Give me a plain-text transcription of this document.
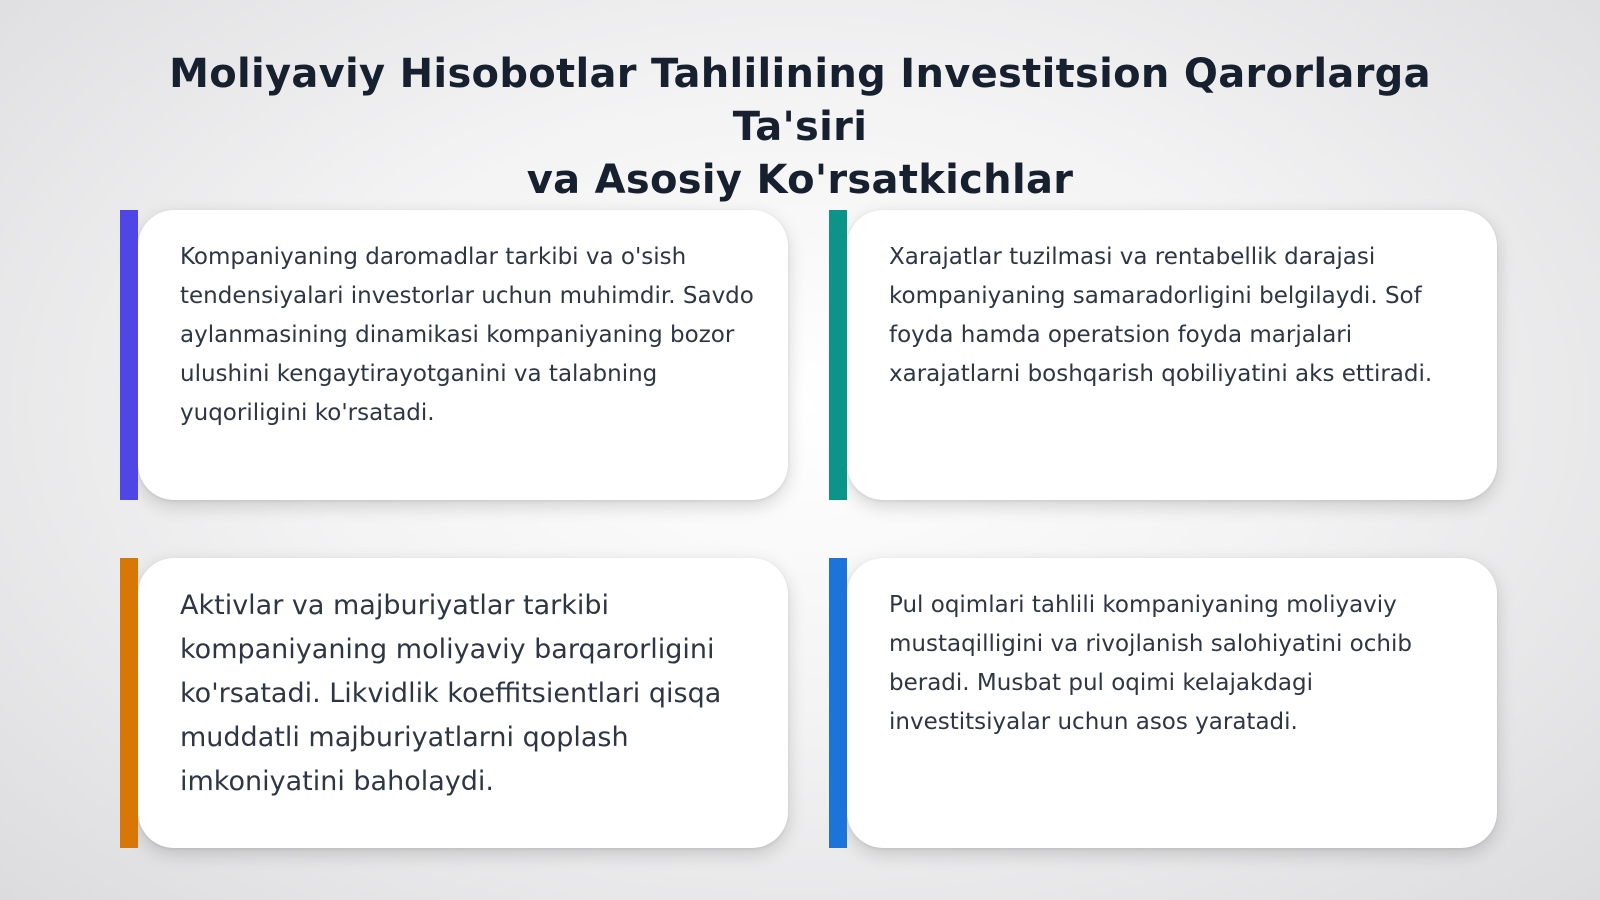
Moliyaviy Hisobotlar Tahlilining Investitsion Qarorlarga Ta'siri
va Asosiy Ko'rsatkichlar

Kompaniyaning daromadlar tarkibi va o'sish tendensiyalari investorlar uchun muhimdir. Savdo aylanmasining dinamikasi kompaniyaning bozor ulushini kengaytirayotganini va talabning yuqoriligini ko'rsatadi.

Xarajatlar tuzilmasi va rentabellik darajasi kompaniyaning samaradorligini belgilaydi. Sof foyda hamda operatsion foyda marjalari xarajatlarni boshqarish qobiliyatini aks ettiradi.

Aktivlar va majburiyatlar tarkibi kompaniyaning moliyaviy barqarorligini ko'rsatadi. Likvidlik koeffitsientlari qisqa muddatli majburiyatlarni qoplash imkoniyatini baholaydi.

Pul oqimlari tahlili kompaniyaning moliyaviy mustaqilligini va rivojlanish salohiyatini ochib beradi. Musbat pul oqimi kelajakdagi investitsiyalar uchun asos yaratadi.
